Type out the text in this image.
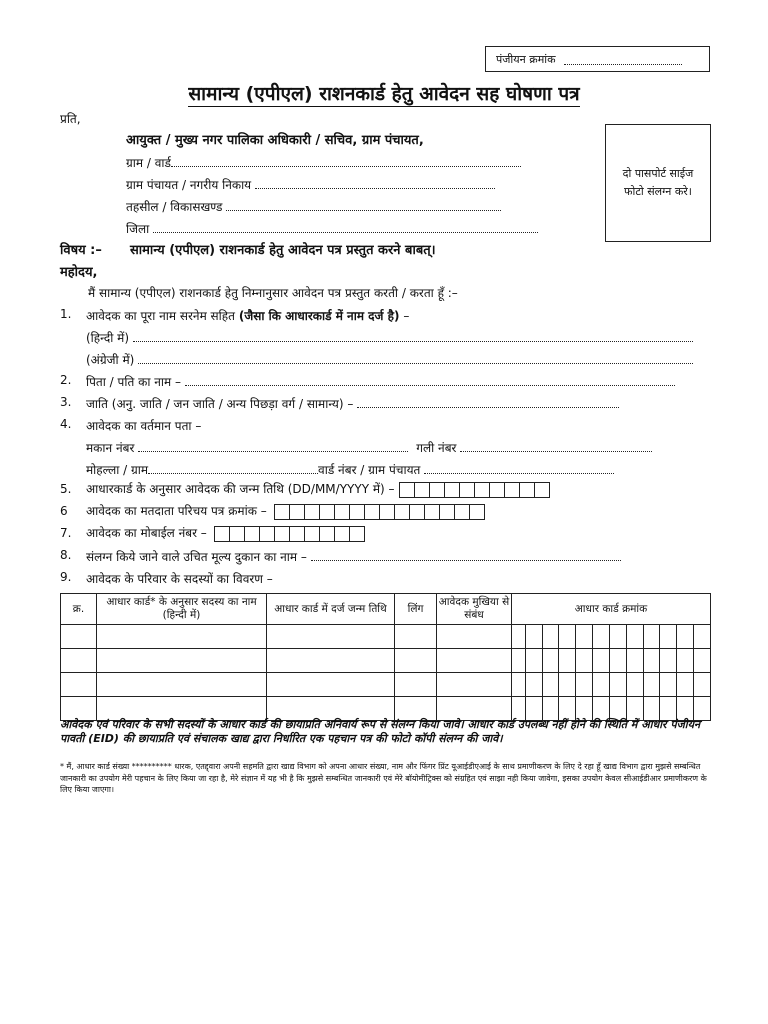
पंजीयन क्रमांक
सामान्य (एपीएल) राशनकार्ड हेतु आवेदन सह घोषणा पत्र
प्रति,
आयुक्त / मुख्य नगर पालिका अधिकारी / सचिव, ग्राम पंचायत,
ग्राम / वार्ड
ग्राम पंचायत / नगरीय निकाय
तहसील / विकासखण्ड
जिला
दो पासपोर्ट साईज फोटो संलग्न करे।
विषय :– सामान्य (एपीएल) राशनकार्ड हेतु आवेदन पत्र प्रस्तुत करने बाबत्।
महोदय,
मैं सामान्य (एपीएल) राशनकार्ड हेतु निम्नानुसार आवेदन पत्र प्रस्तुत करती / करता हूँ :–
1. आवेदक का पूरा नाम सरनेम सहित (जैसा कि आधारकार्ड में नाम दर्ज है) –
(हिन्दी में)
(अंग्रेजी में)
2. पिता / पति का नाम –
3. जाति (अनु. जाति / जन जाति / अन्य पिछड़ा वर्ग / सामान्य) –
4. आवेदक का वर्तमान पता –
मकान नंबर	गली नंबर
मोहल्ला / ग्राम	वार्ड नंबर / ग्राम पंचायत
5. आधारकार्ड के अनुसार आवेदक की जन्म तिथि (DD/MM/YYYY में) –
6 आवेदक का मतदाता परिचय पत्र क्रमांक –
7. आवेदक का मोबाईल नंबर –
8. संलग्न किये जाने वाले उचित मूल्य दुकान का नाम –
9. आवेदक के परिवार के सदस्यों का विवरण –
क्र.	आधार कार्ड* के अनुसार सदस्य का नाम (हिन्दी में)	आधार कार्ड में दर्ज जन्म तिथि	लिंग	आवेदक मुखिया से संबंध	आधार कार्ड क्रमांक

आवेदक एवं परिवार के सभी सदस्यों के आधार कार्ड की छायाप्रति अनिवार्य रूप से संलग्न किया जावे। आधार कार्ड उपलब्ध नहीं होने की स्थिति में आधार पंजीयन पावती (EID) की छायाप्रति एवं संचालक खाद्य द्वारा निर्धारित एक पहचान पत्र की फोटो कॉपी संलग्न की जावे।
* मैं, आधार कार्ड संख्या ********** धारक, एतद्द्वारा अपनी सहमति द्वारा खाद्य विभाग को अपना आधार संख्या, नाम और फिंगर प्रिंट यूआईडीएआई के साथ प्रमाणीकरण के लिए दे रहा हूँ खाद्य विभाग द्वारा मुझसे सम्बन्धित जानकारी का उपयोग मेरी पहचान के लिए किया जा रहा है, मेरे संज्ञान में यह भी है कि मुझसे सम्बन्धित जानकारी एवं मेरे बॉयोमीट्रिक्स को संग्रहित एवं साझा नही किया जावेगा, इसका उपयोग केवल सीआईडीआर प्रमाणीकरण के लिए किया जाएगा।
